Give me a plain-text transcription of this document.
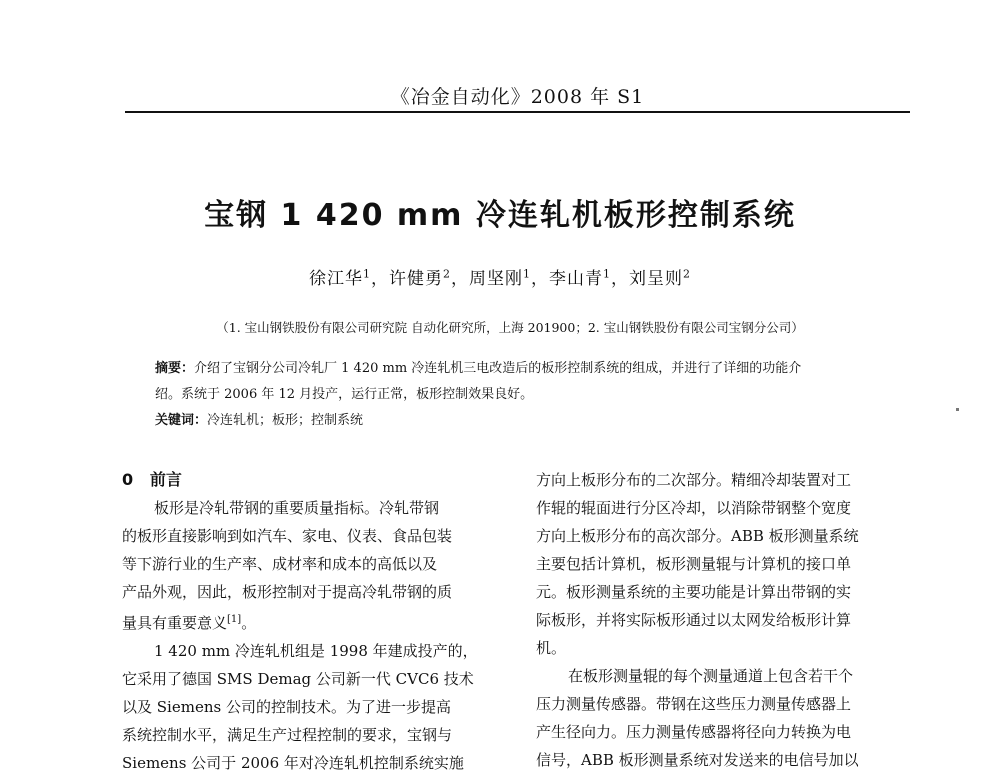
《冶金自动化》2008 年 S1
宝钢 1 420 mm 冷连轧机板形控制系统
徐江华$^1$，许健勇$^2$，周坚刚$^1$，李山青$^1$，刘呈则$^2$
（1. 宝山钢铁股份有限公司研究院 自动化研究所，上海 201900；2. 宝山钢铁股份有限公司宝钢分公司）
摘要：介绍了宝钢分公司冷轧厂 1 420 mm 冷连轧机三电改造后的板形控制系统的组成，并进行了详细的功能介
绍。系统于 2006 年 12 月投产，运行正常，板形控制效果良好。
关键词：冷连轧机；板形；控制系统
0 前言
板形是冷轧带钢的重要质量指标。冷轧带钢
的板形直接影响到如汽车、家电、仪表、食品包装
等下游行业的生产率、成材率和成本的高低以及
产品外观，因此，板形控制对于提高冷轧带钢的质
量具有重要意义[1]。
1 420 mm 冷连轧机组是 1998 年建成投产的，
它采用了德国 SMS Demag 公司新一代 CVC6 技术
以及 Siemens 公司的控制技术。为了进一步提高
系统控制水平，满足生产过程控制的要求，宝钢与
Siemens 公司于 2006 年对冷连轧机控制系统实施
方向上板形分布的二次部分。精细冷却装置对工
作辊的辊面进行分区冷却，以消除带钢整个宽度
方向上板形分布的高次部分。ABB 板形测量系统
主要包括计算机，板形测量辊与计算机的接口单
元。板形测量系统的主要功能是计算出带钢的实
际板形，并将实际板形通过以太网发给板形计算
机。
在板形测量辊的每个测量通道上包含若干个
压力测量传感器。带钢在这些压力测量传感器上
产生径向力。压力测量传感器将径向力转换为电
信号，ABB 板形测量系统对发送来的电信号加以
